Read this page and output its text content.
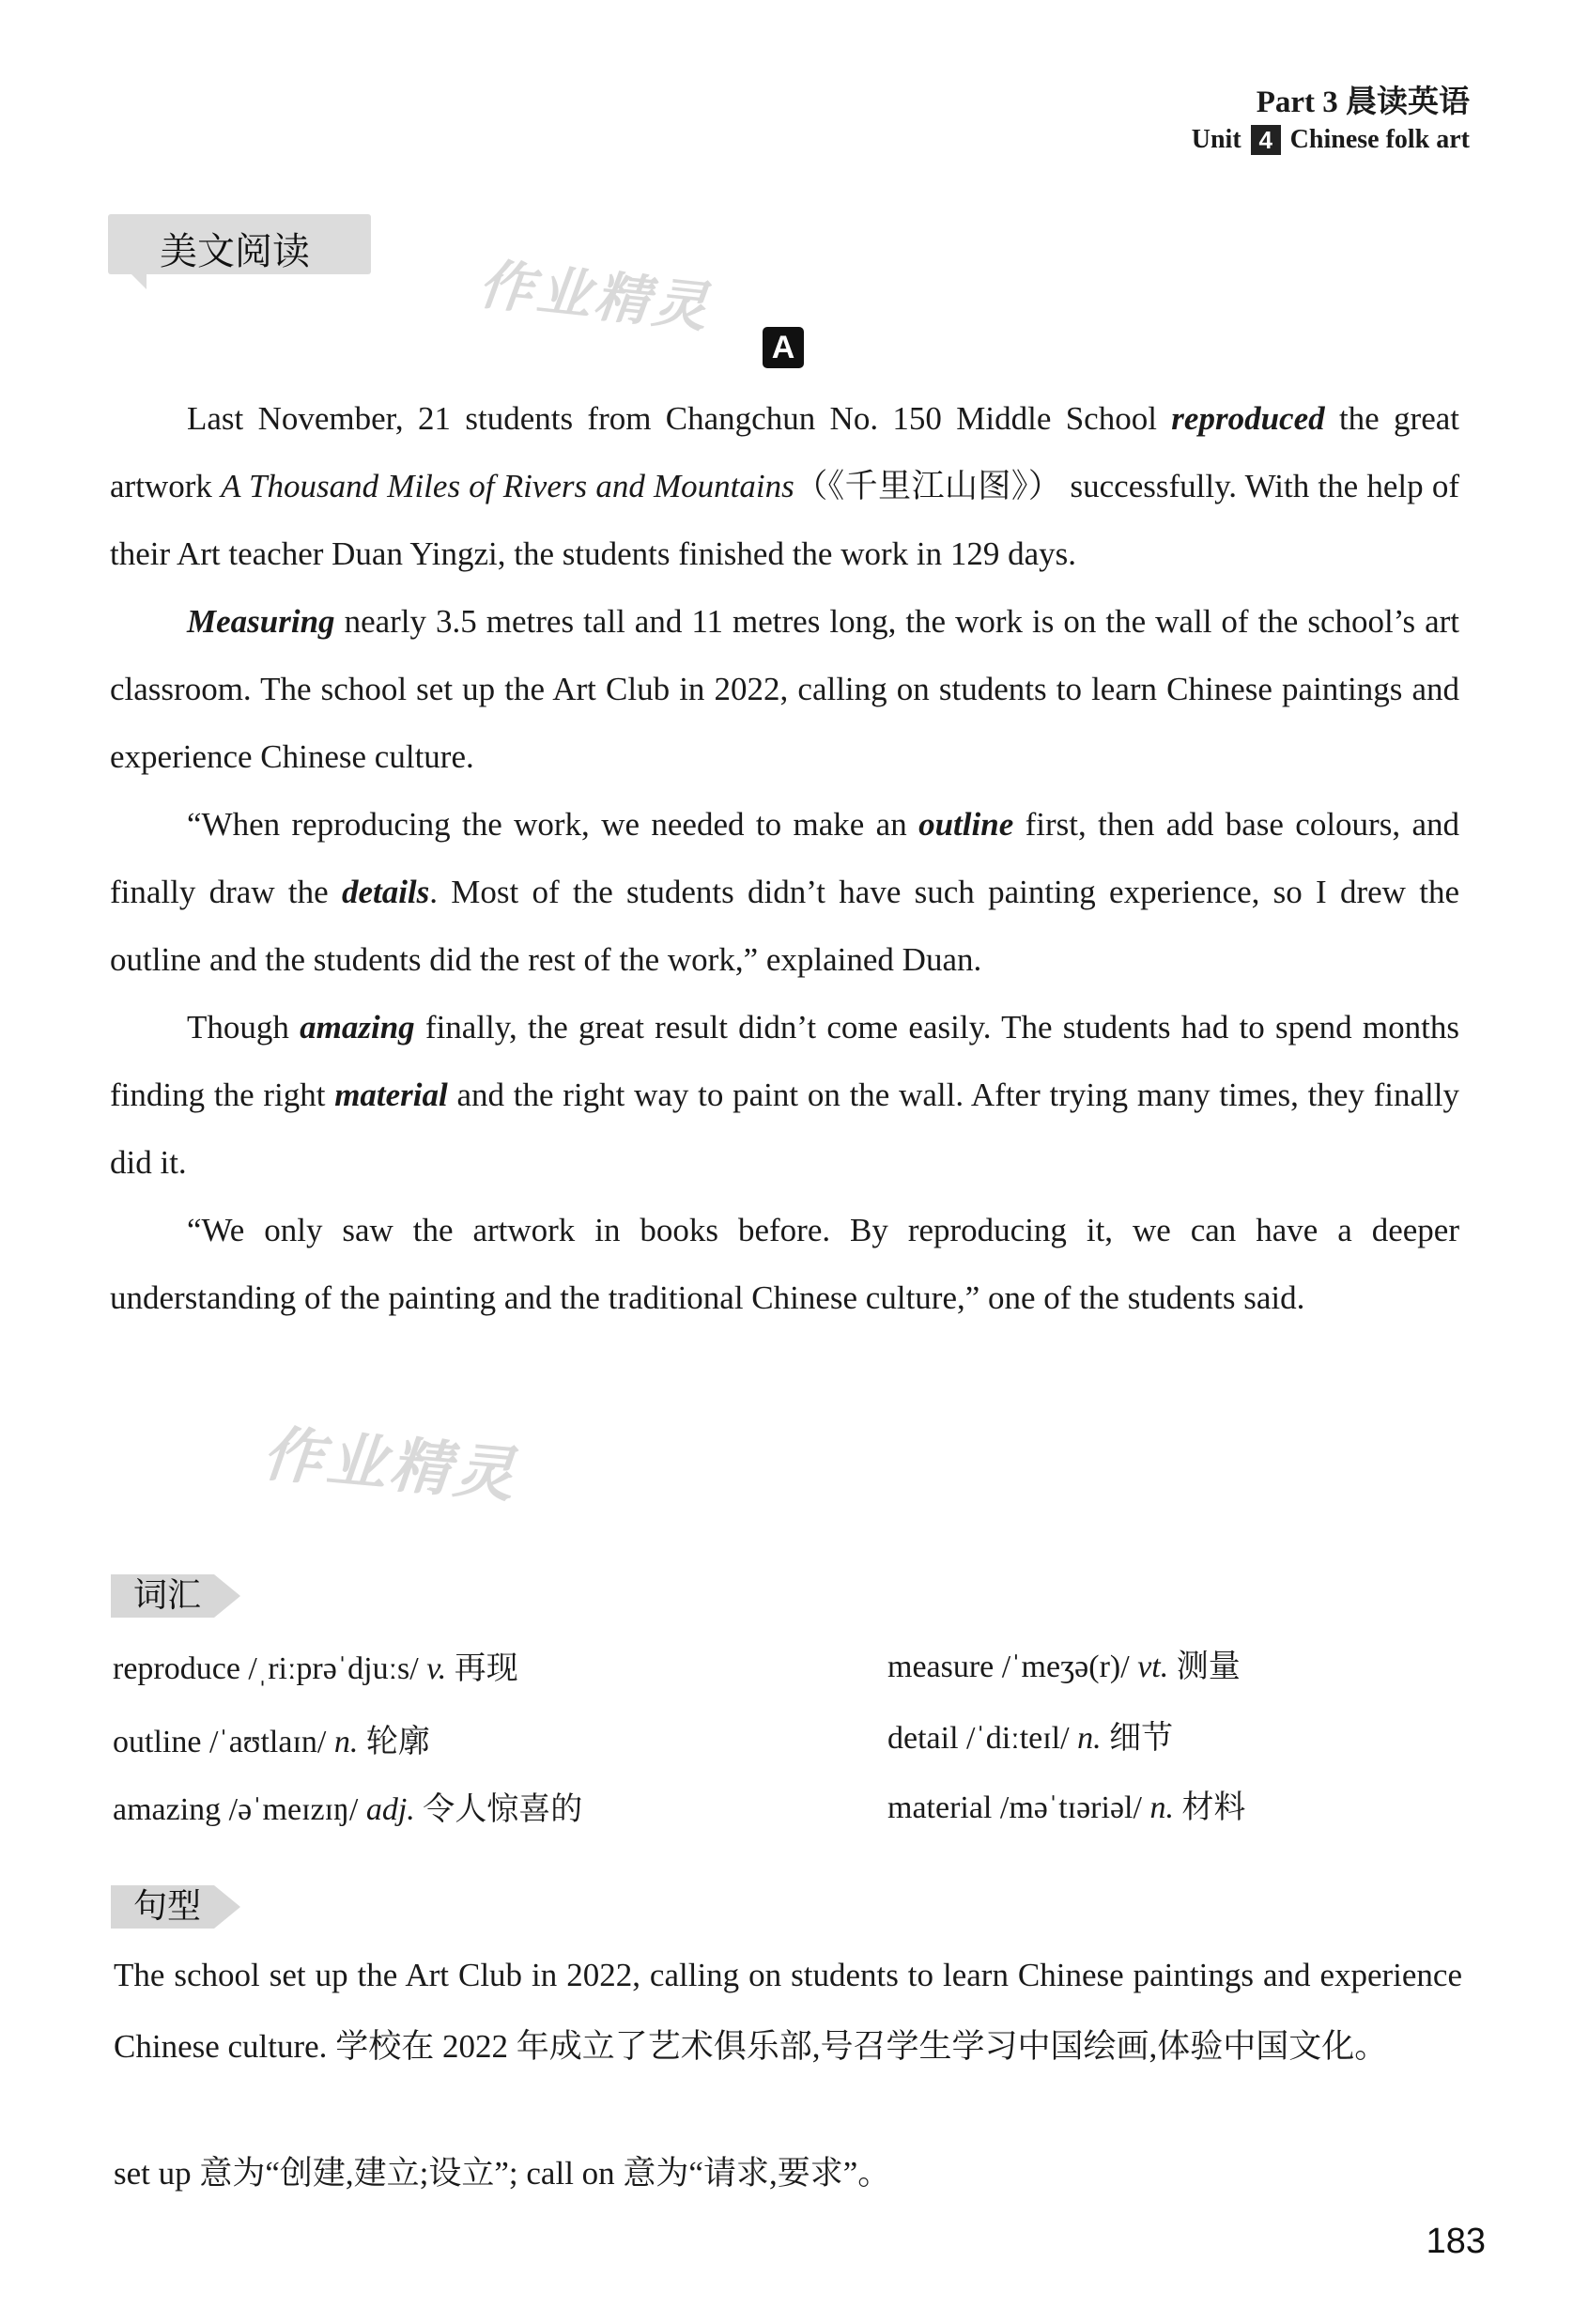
Part 3 晨读英语
Unit 4 Chinese folk art
美文阅读
作业精灵
A

Last November, 21 students from Changchun No. 150 Middle School reproduced the great artwork A Thousand Miles of Rivers and Mountains（《千里江山图》） successfully. With the help of their Art teacher Duan Yingzi, the students finished the work in 129 days.

Measuring nearly 3.5 metres tall and 11 metres long, the work is on the wall of the school’s art classroom. The school set up the Art Club in 2022, calling on students to learn Chinese paintings and experience Chinese culture.

“When reproducing the work, we needed to make an outline first, then add base colours, and finally draw the details. Most of the students didn’t have such painting experience, so I drew the outline and the students did the rest of the work,” explained Duan.

Though amazing finally, the great result didn’t come easily. The students had to spend months finding the right material and the right way to paint on the wall. After trying many times, they finally did it.

“We only saw the artwork in books before. By reproducing it, we can have a deeper understanding of the painting and the traditional Chinese culture,” one of the students said.

作业精灵
词汇
reproduce /ˌriːprəˈdjuːs/ v. 再现	measure /ˈmeʒə(r)/ vt. 测量
outline /ˈaʊtlaɪn/ n. 轮廓	detail /ˈdiːteɪl/ n. 细节
amazing /əˈmeɪzɪŋ/ adj. 令人惊喜的	material /məˈtɪəriəl/ n. 材料
句型
The school set up the Art Club in 2022, calling on students to learn Chinese paintings and experience Chinese culture. 学校在 2022 年成立了艺术俱乐部,号召学生学习中国绘画,体验中国文化。
set up 意为“创建,建立;设立”; call on 意为“请求,要求”。
183
